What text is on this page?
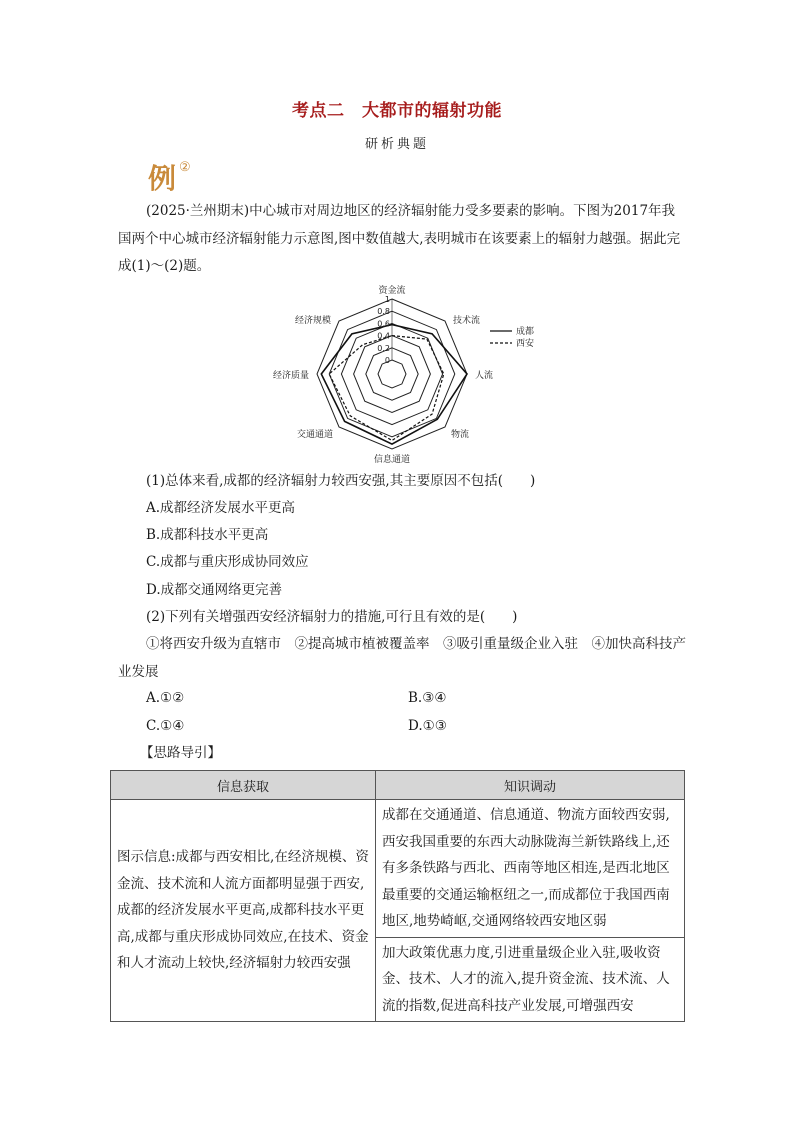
考点二　大都市的辐射功能
研析典题
例 ②

(2025·兰州期末)中心城市对周边地区的经济辐射能力受多要素的影响。下图为2017年我国两个中心城市经济辐射能力示意图,图中数值越大,表明城市在该要素上的辐射力越强。据此完成(1)～(2)题。

0
0.2
0.4
0.6
0.8
1
资金流
技术流
人流
物流
信息通道
交通通道
经济质量
经济规模
成都
西安
(1)总体来看,成都的经济辐射力较西安强,其主要原因不包括(　　)
A.成都经济发展水平更高
B.成都科技水平更高
C.成都与重庆形成协同效应
D.成都交通网络更完善
(2)下列有关增强西安经济辐射力的措施,可行且有效的是(　　)

①将西安升级为直辖市　②提高城市植被覆盖率　③吸引重量级企业入驻　④加快高科技产业发展

A.①②	B.③④
C.①④	D.①③
【思路导引】
信息获取	知识调动
图示信息:成都与西安相比,在经济规模、资金流、技术流和人流方面都明显强于西安,成都的经济发展水平更高,成都科技水平更高,成都与重庆形成协同效应,在技术、资金和人才流动上较快,经济辐射力较西安强	成都在交通通道、信息通道、物流方面较西安弱,西安我国重要的东西大动脉陇海兰新铁路线上,还有多条铁路与西北、西南等地区相连,是西北地区最重要的交通运输枢纽之一,而成都位于我国西南地区,地势崎岖,交通网络较西安地区弱
	加大政策优惠力度,引进重量级企业入驻,吸收资金、技术、人才的流入,提升资金流、技术流、人流的指数,促进高科技产业发展,可增强西安
